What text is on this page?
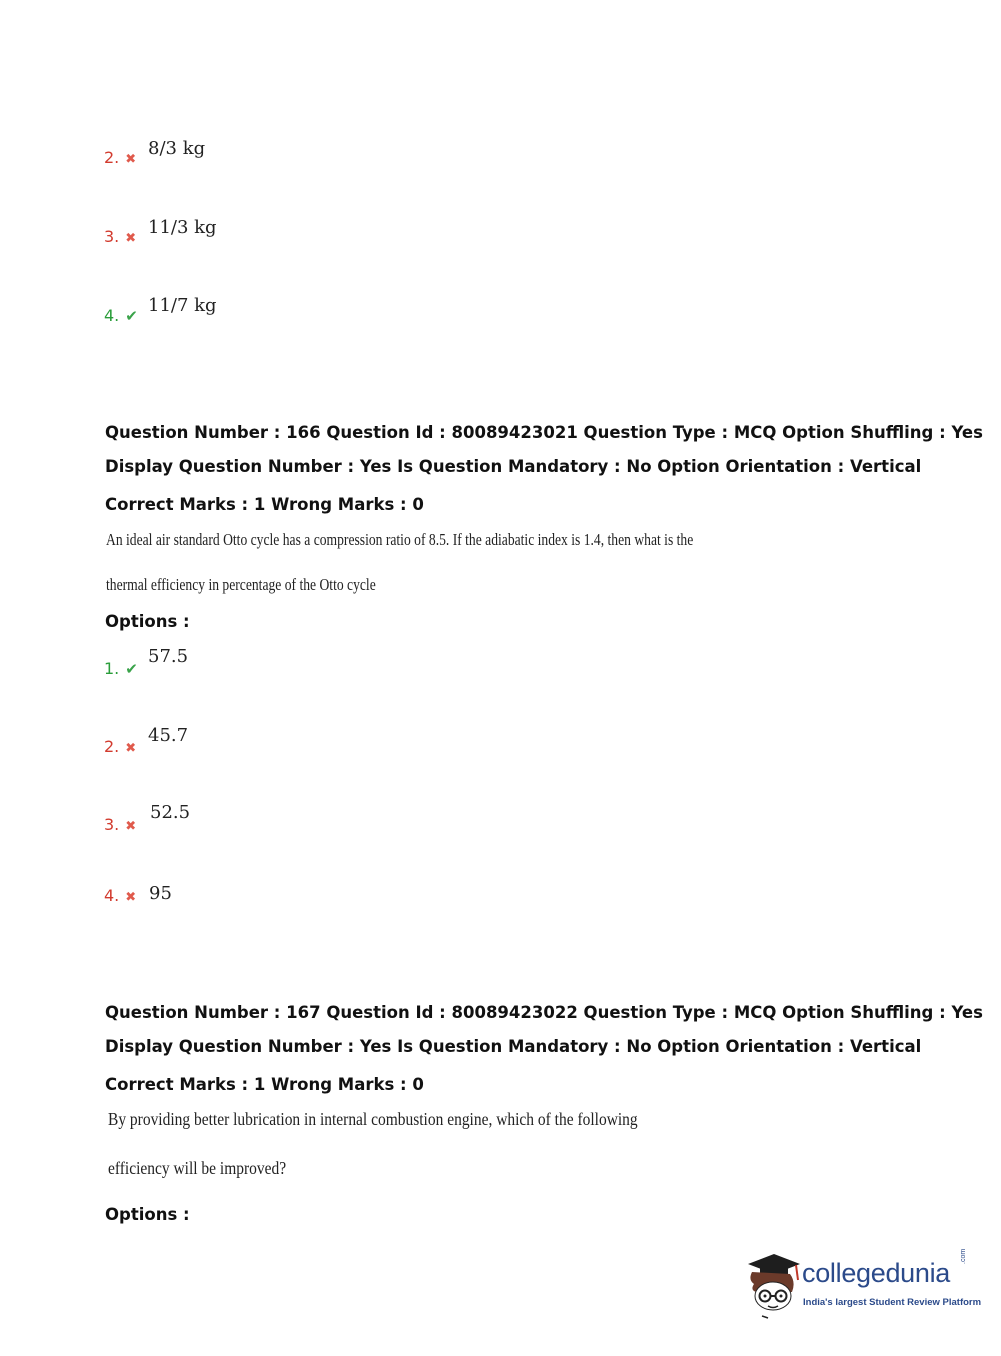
2. ✖
8/3 kg
3. ✖
11/3 kg
4. ✔ 11/7 kg
Question Number : 166 Question Id : 80089423021 Question Type : MCQ Option Shuffling : Yes
Display Question Number : Yes Is Question Mandatory : No Option Orientation : Vertical
Correct Marks : 1 Wrong Marks : 0
An ideal air standard Otto cycle has a compression ratio of 8.5. If the adiabatic index is 1.4, then what is the
thermal efficiency in percentage of the Otto cycle
Options :
1. ✔
57.5
2. ✖
45.7
3. ✖
52.5
4. ✖ 95
Question Number : 167 Question Id : 80089423022 Question Type : MCQ Option Shuffling : Yes
Display Question Number : Yes Is Question Mandatory : No Option Orientation : Vertical
Correct Marks : 1 Wrong Marks : 0
By providing better lubrication in internal combustion engine, which of the following
efficiency will be improved?
Options :
collegedunia
.com
India's largest Student Review Platform
